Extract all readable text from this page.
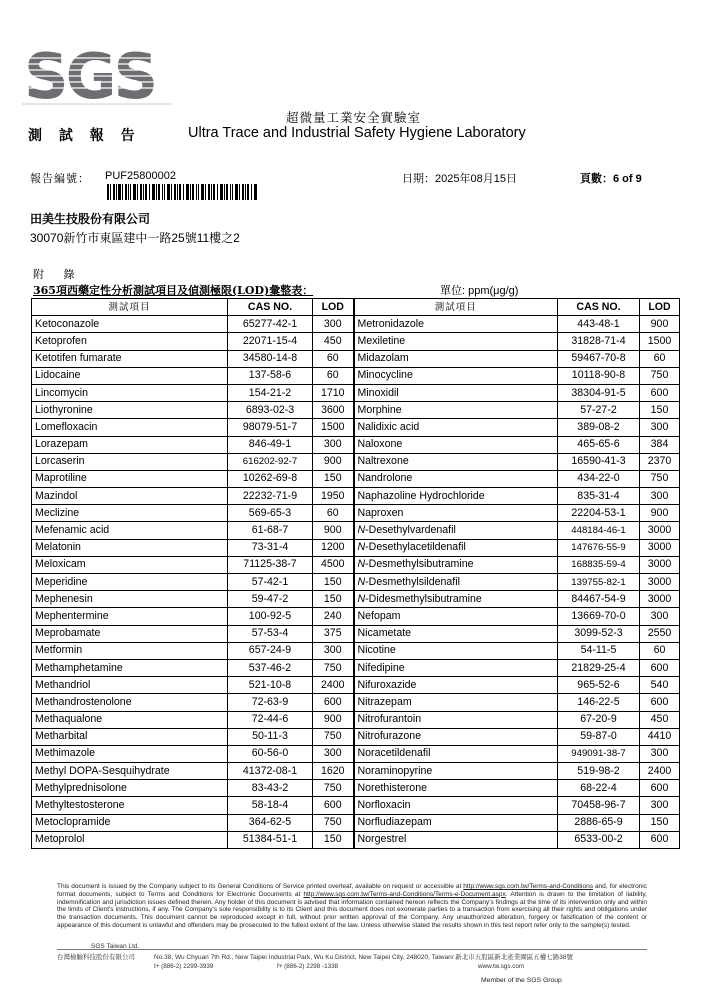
SGS
超微量工業安全實驗室
測 試 報 告	Ultra Trace and Industrial Safety Hygiene Laboratory
報告編號： PUF25800002	日期：2025年08月15日	頁數：6 of 9
田美生技股份有限公司
30070新竹市東區建中一路25號11樓之2
附 錄
365項西藥定性分析測試項目及偵測極限(LOD)彙整表：	單位: ppm(μg/g)
測試項目	CAS NO.	LOD	測試項目	CAS NO.	LOD
Ketoconazole	65277-42-1	300	Metronidazole	443-48-1	900
Ketoprofen	22071-15-4	450	Mexiletine	31828-71-4	1500
Ketotifen fumarate	34580-14-8	60	Midazolam	59467-70-8	60
Lidocaine	137-58-6	60	Minocycline	10118-90-8	750
Lincomycin	154-21-2	1710	Minoxidil	38304-91-5	600
Liothyronine	6893-02-3	3600	Morphine	57-27-2	150
Lomefloxacin	98079-51-7	1500	Nalidixic acid	389-08-2	300
Lorazepam	846-49-1	300	Naloxone	465-65-6	384
Lorcaserin	616202-92-7	900	Naltrexone	16590-41-3	2370
Maprotiline	10262-69-8	150	Nandrolone	434-22-0	750
Mazindol	22232-71-9	1950	Naphazoline Hydrochloride	835-31-4	300
Meclizine	569-65-3	60	Naproxen	22204-53-1	900
Mefenamic acid	61-68-7	900	N-Desethylvardenafil	448184-46-1	3000
Melatonin	73-31-4	1200	N-Desethylacetildenafil	147676-55-9	3000
Meloxicam	71125-38-7	4500	N-Desmethylsibutramine	168835-59-4	3000
Meperidine	57-42-1	150	N-Desmethylsildenafil	139755-82-1	3000
Mephenesin	59-47-2	150	N-Didesmethylsibutramine	84467-54-9	3000
Mephentermine	100-92-5	240	Nefopam	13669-70-0	300
Meprobamate	57-53-4	375	Nicametate	3099-52-3	2550
Metformin	657-24-9	300	Nicotine	54-11-5	60
Methamphetamine	537-46-2	750	Nifedipine	21829-25-4	600
Methandriol	521-10-8	2400	Nifuroxazide	965-52-6	540
Methandrostenolone	72-63-9	600	Nitrazepam	146-22-5	600
Methaqualone	72-44-6	900	Nitrofurantoin	67-20-9	450
Metharbital	50-11-3	750	Nitrofurazone	59-87-0	4410
Methimazole	60-56-0	300	Noracetildenafil	949091-38-7	300
Methyl DOPA-Sesquihydrate	41372-08-1	1620	Noraminopyrine	519-98-2	2400
Methylprednisolone	83-43-2	750	Norethisterone	68-22-4	600
Methyltestosterone	58-18-4	600	Norfloxacin	70458-96-7	300
Metoclopramide	364-62-5	750	Norfludiazepam	2886-65-9	150
Metoprolol	51384-51-1	150	Norgestrel	6533-00-2	600
This document is issued by the Company subject to its General Conditions of Service printed overleaf, available on request or accessible at http://www.sgs.com.tw/Terms-and-Conditions and, for electronic format documents, subject to Terms and Conditions for Electronic Documents at http://www.sgs.com.tw/Terms-and-Conditions/Terms-e-Document.aspx. Attention is drawn to the limitation of liability, indemnification and jurisdiction issues defined therein. Any holder of this document is advised that information contained hereon reflects the Company's findings at the time of its intervention only and within the limits of Client's instructions, if any. The Company's sole responsibility is to its Client and this document does not exonerate parties to a transaction from exercising all their rights and obligations under the transaction documents. This document cannot be reproduced except in full, without prior written approval of the Company. Any unauthorized alteration, forgery or falsification of the content or appearance of this document is unlawful and offenders may be prosecuted to the fullest extent of the law. Unless otherwise stated the results shown in this test report refer only to the sample(s) tested.
SGS Taiwan Ltd.
台灣檢驗科技股份有限公司	No.38, Wu Chyuan 7th Rd., New Taipei Industrial Park, Wu Ku District, New Taipei City, 248020, Taiwan/ 新北市五股區新北產業園區五權七路38號
t+ (886-2) 2299-3939	f+ (886-2) 2298 -1338	www.tw.sgs.com
Member of the SGS Group
